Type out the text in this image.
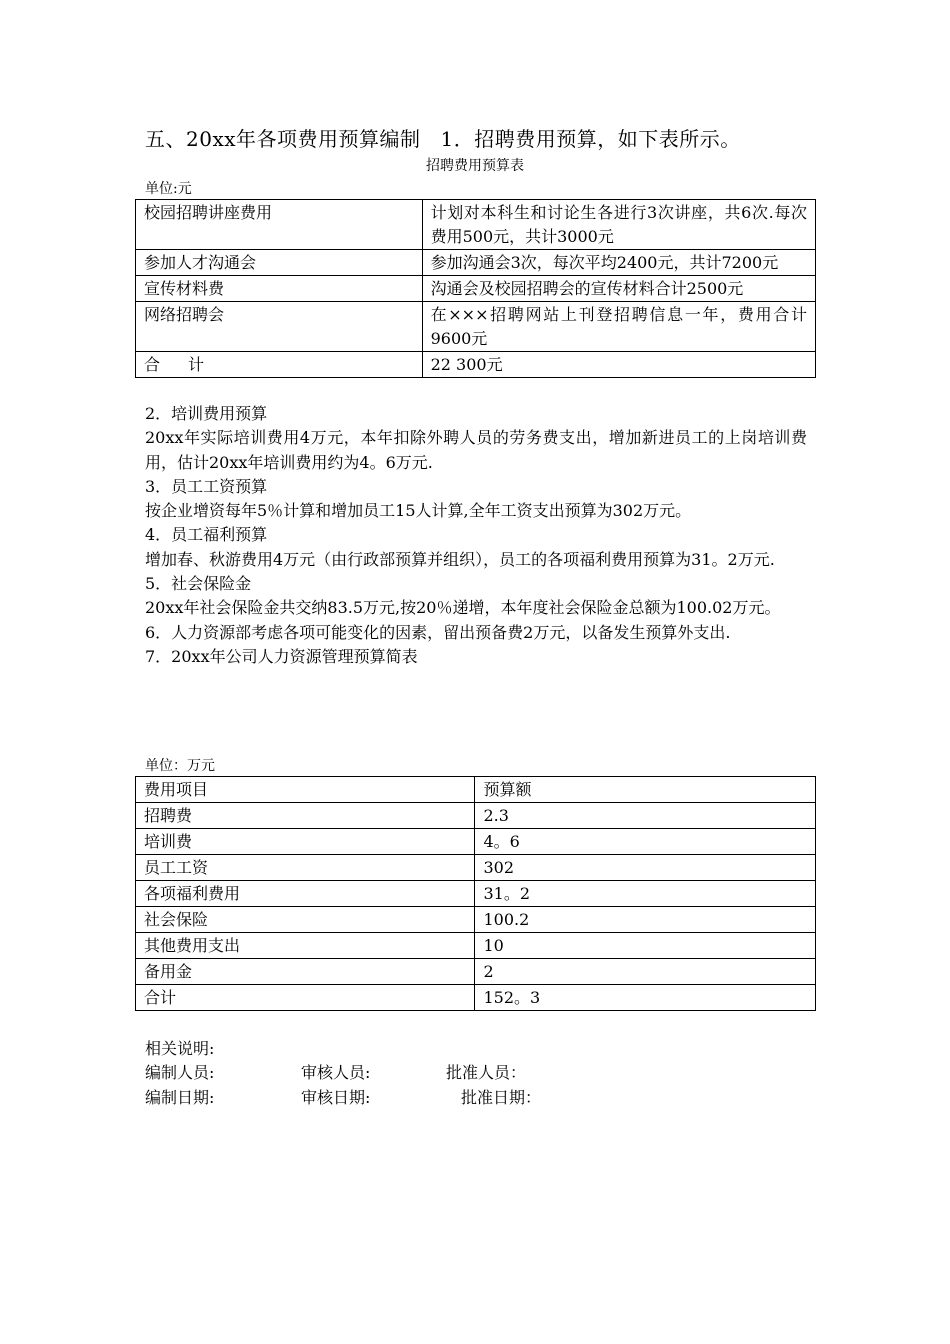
五、20xx年各项费用预算编制 1．招聘费用预算，如下表所示。
招聘费用预算表
单位:元
校园招聘讲座费用	计划对本科生和讨论生各进行3次讲座，共6次.每次费用500元，共计3000元
参加人才沟通会	参加沟通会3次，每次平均2400元，共计7200元
宣传材料费	沟通会及校园招聘会的宣传材料合计2500元
网络招聘会	在×××招聘网站上刊登招聘信息一年，费用合计9600元
合 计	22 300元

2．培训费用预算

20xx年实际培训费用4万元，本年扣除外聘人员的劳务费支出，增加新进员工的上岗培训费用，估计20xx年培训费用约为4。6万元.

3．员工工资预算

按企业增资每年5％计算和增加员工15人计算,全年工资支出预算为302万元。

4．员工福利预算

增加春、秋游费用4万元（由行政部预算并组织），员工的各项福利费用预算为31。2万元.

5．社会保险金

20xx年社会保险金共交纳83.5万元,按20％递增，本年度社会保险金总额为100.02万元。

6．人力资源部考虑各项可能变化的因素，留出预备费2万元，以备发生预算外支出.

7．20xx年公司人力资源管理预算简表

单位：万元
费用项目	预算额
招聘费	2.3
培训费	4。6
员工工资	302
各项福利费用	31。2
社会保险	100.2
其他费用支出	10
备用金	2
合计	152。3
相关说明:
编制人员:	审核人员:	批准人员：
编制日期:	审核日期:	批准日期：
